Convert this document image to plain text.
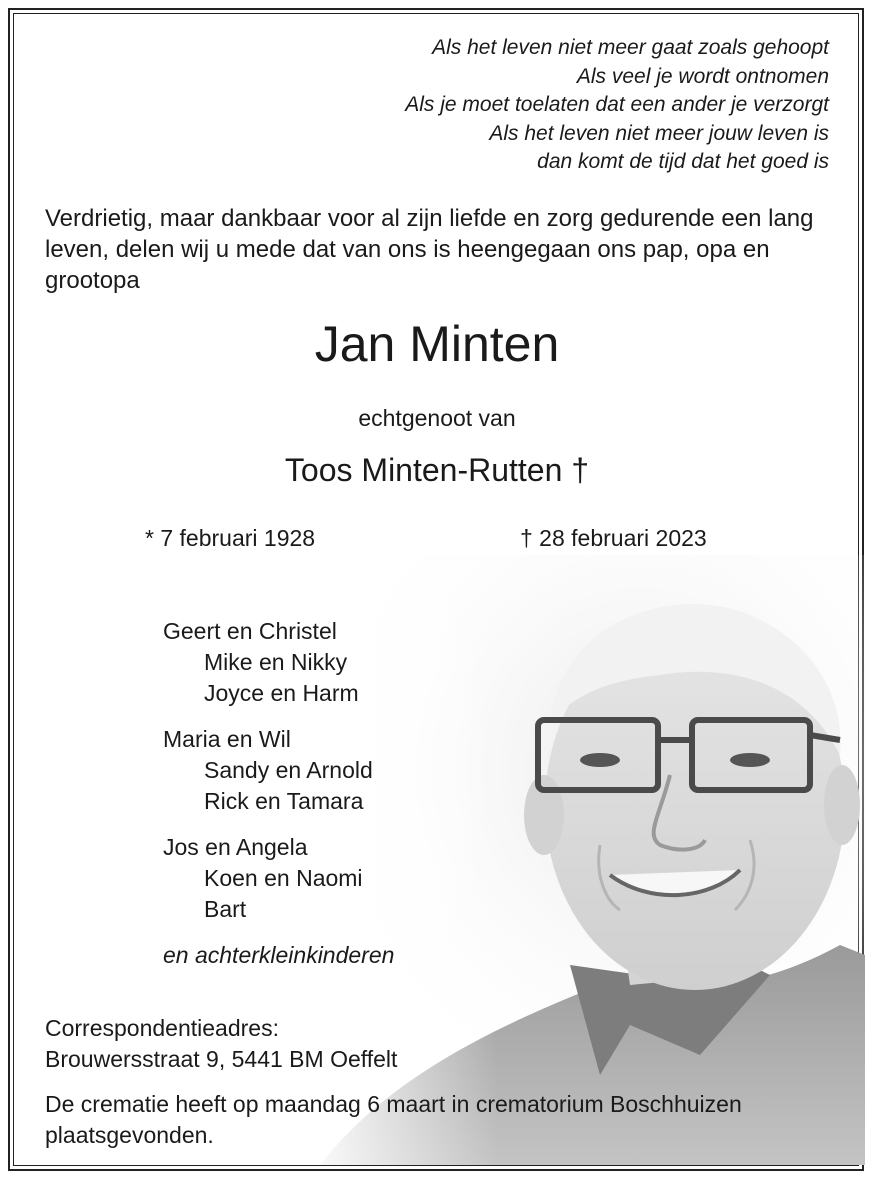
Als het leven niet meer gaat zoals gehoopt
Als veel je wordt ontnomen
Als je moet toelaten dat een ander je verzorgt
Als het leven niet meer jouw leven is
dan komt de tijd dat het goed is
Verdrietig, maar dankbaar voor al zijn liefde en zorg gedurende een lang leven, delen wij u mede dat van ons is heengegaan ons pap, opa en grootopa
Jan Minten
echtgenoot van
Toos Minten-Rutten †
* 7 februari 1928	† 28 februari 2023
Geert en Christel
Mike en Nikky
Joyce en Harm
Maria en Wil
Sandy en Arnold
Rick en Tamara
Jos en Angela
Koen en Naomi
Bart
en achterkleinkinderen
Correspondentieadres:
Brouwersstraat 9, 5441 BM Oeffelt
De crematie heeft op maandag 6 maart in crematorium Boschhuizen plaatsgevonden.
